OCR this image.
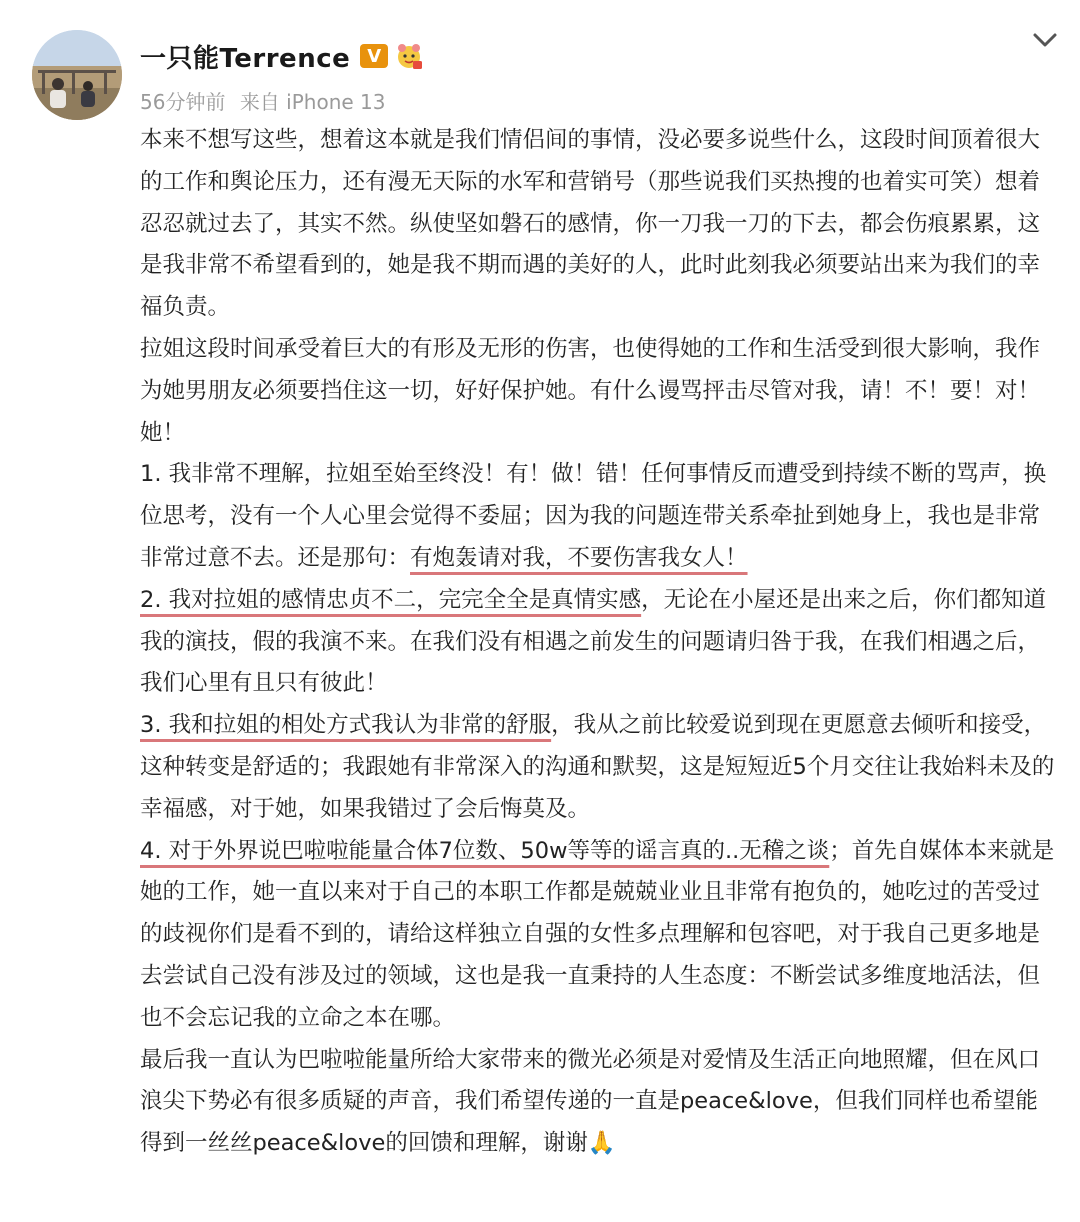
一只能Terrence V
56分钟前 来自 iPhone 13

本来不想写这些，想着这本就是我们情侣间的事情，没必要多说些什么，这段时间顶着很大的工作和舆论压力，还有漫无天际的水军和营销号（那些说我们买热搜的也着实可笑）想着忍忍就过去了，其实不然。纵使坚如磐石的感情，你一刀我一刀的下去，都会伤痕累累，这是我非常不希望看到的，她是我不期而遇的美好的人，此时此刻我必须要站出来为我们的幸福负责。

拉姐这段时间承受着巨大的有形及无形的伤害，也使得她的工作和生活受到很大影响，我作为她男朋友必须要挡住这一切，好好保护她。有什么谩骂抨击尽管对我，请！不！要！对！她！

1. 我非常不理解，拉姐至始至终没！有！做！错！任何事情反而遭受到持续不断的骂声，换位思考，没有一个人心里会觉得不委屈；因为我的问题连带关系牵扯到她身上，我也是非常非常过意不去。还是那句：有炮轰请对我，不要伤害我女人！

2. 我对拉姐的感情忠贞不二，完完全全是真情实感，无论在小屋还是出来之后，你们都知道我的演技，假的我演不来。在我们没有相遇之前发生的问题请归咎于我，在我们相遇之后，我们心里有且只有彼此！

3. 我和拉姐的相处方式我认为非常的舒服，我从之前比较爱说到现在更愿意去倾听和接受，这种转变是舒适的；我跟她有非常深入的沟通和默契，这是短短近5个月交往让我始料未及的幸福感，对于她，如果我错过了会后悔莫及。

4. 对于外界说巴啦啦能量合体7位数、50w等等的谣言真的..无稽之谈；首先自媒体本来就是她的工作，她一直以来对于自己的本职工作都是兢兢业业且非常有抱负的，她吃过的苦受过的歧视你们是看不到的，请给这样独立自强的女性多点理解和包容吧，对于我自己更多地是去尝试自己没有涉及过的领域，这也是我一直秉持的人生态度：不断尝试多维度地活法，但也不会忘记我的立命之本在哪。

最后我一直认为巴啦啦能量所给大家带来的微光必须是对爱情及生活正向地照耀，但在风口浪尖下势必有很多质疑的声音，我们希望传递的一直是peace&love，但我们同样也希望能得到一丝丝peace&love的回馈和理解，谢谢🙏
